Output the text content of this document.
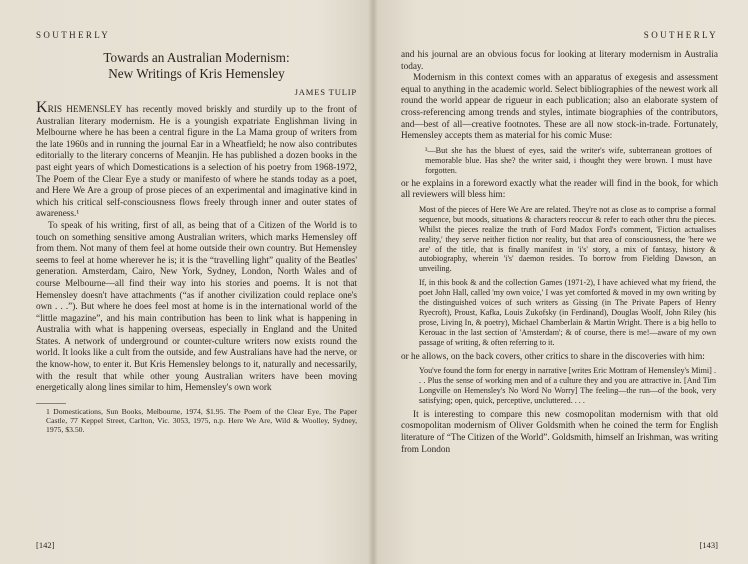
SOUTHERLY
Towards an Australian Modernism:
New Writings of Kris Hemensley
JAMES TULIP

KRIS HEMENSLEY has recently moved briskly and sturdily up to the front of Australian literary modernism. He is a youngish expatriate Englishman living in Melbourne where he has been a central figure in the La Mama group of writers from the late 1960s and in running the journal Ear in a Wheatfield; he now also contributes editorially to the literary concerns of Meanjin. He has published a dozen books in the past eight years of which Domestications is a selection of his poetry from 1968-1972, The Poem of the Clear Eye a study or manifesto of where he stands today as a poet, and Here We Are a group of prose pieces of an experimental and imaginative kind in which his critical self-consciousness flows freely through inner and outer states of awareness.¹

To speak of his writing, first of all, as being that of a Citizen of the World is to touch on something sensitive among Australian writers, which marks Hemensley off from them. Not many of them feel at home outside their own country. But Hemensley seems to feel at home wherever he is; it is the “travelling light” quality of the Beatles' generation. Amsterdam, Cairo, New York, Sydney, London, North Wales and of course Melbourne—all find their way into his stories and poems. It is not that Hemensley doesn't have attachments (“as if another civilization could replace one's own . . .”). But where he does feel most at home is in the international world of the “little magazine”, and his main contribution has been to link what is happening in Australia with what is happening overseas, especially in England and the United States. A network of underground or counter-culture writers now exists round the world. It looks like a cult from the outside, and few Australians have had the nerve, or the know-how, to enter it. But Kris Hemensley belongs to it, naturally and necessarily, with the result that while other young Australian writers have been moving energetically along lines similar to him, Hemensley's own work

1 Domestications, Sun Books, Melbourne, 1974, $1.95. The Poem of the Clear Eye, The Paper Castle, 77 Keppel Street, Carlton, Vic. 3053, 1975, n.p. Here We Are, Wild & Woolley, Sydney, 1975, $3.50.

[142]
SOUTHERLY

and his journal are an obvious focus for looking at literary modernism in Australia today.

Modernism in this context comes with an apparatus of exegesis and assessment equal to anything in the academic world. Select bibliographies of the newest work all round the world appear de rigueur in each publication; also an elaborate system of cross-referencing among trends and styles, intimate biographies of the contributors, and—best of all—creative footnotes. These are all now stock-in-trade. Fortunately, Hemensley accepts them as material for his comic Muse:

³—But she has the bluest of eyes, said the writer's wife, subterranean grottoes of memorable blue. Has she? the writer said, i thought they were brown. I must have forgotten.

or he explains in a foreword exactly what the reader will find in the book, for which all reviewers will bless him:

Most of the pieces of Here We Are are related. They're not as close as to comprise a formal sequence, but moods, situations & characters reoccur & refer to each other thru the pieces. Whilst the pieces realize the truth of Ford Madox Ford's comment, 'Fiction actualises reality,' they serve neither fiction nor reality, but that area of consciousness, the 'here we are' of the title, that is finally manifest in 'i's' story, a mix of fantasy, history & autobiography, wherein 'i's' daemon resides. To borrow from Fielding Dawson, an unveiling.

If, in this book & and the collection Games (1971-2), I have achieved what my friend, the poet John Hall, called 'my own voice,' I was yet comforted & moved in my own writing by the distinguished voices of such writers as Gissing (in The Private Papers of Henry Ryecroft), Proust, Kafka, Louis Zukofsky (in Ferdinand), Douglas Woolf, John Riley (his prose, Living In, & poetry), Michael Chamberlain & Martin Wright. There is a big hello to Kerouac in the last section of 'Amsterdam'; & of course, there is me!—aware of my own passage of writing, & often referring to it.

or he allows, on the back covers, other critics to share in the discoveries with him:

You've found the form for energy in narrative [writes Eric Mottram of Hemensley's Mimi] . . . Plus the sense of working men and of a culture they and you are attractive in. [And Tim Longville on Hemensley's No Word No Worry] The feeling—the run—of the book, very satisfying; open, quick, perceptive, uncluttered. . . .

It is interesting to compare this new cosmopolitan modernism with that old cosmopolitan modernism of Oliver Goldsmith when he coined the term for English literature of “The Citizen of the World”. Goldsmith, himself an Irishman, was writing from London

[143]
